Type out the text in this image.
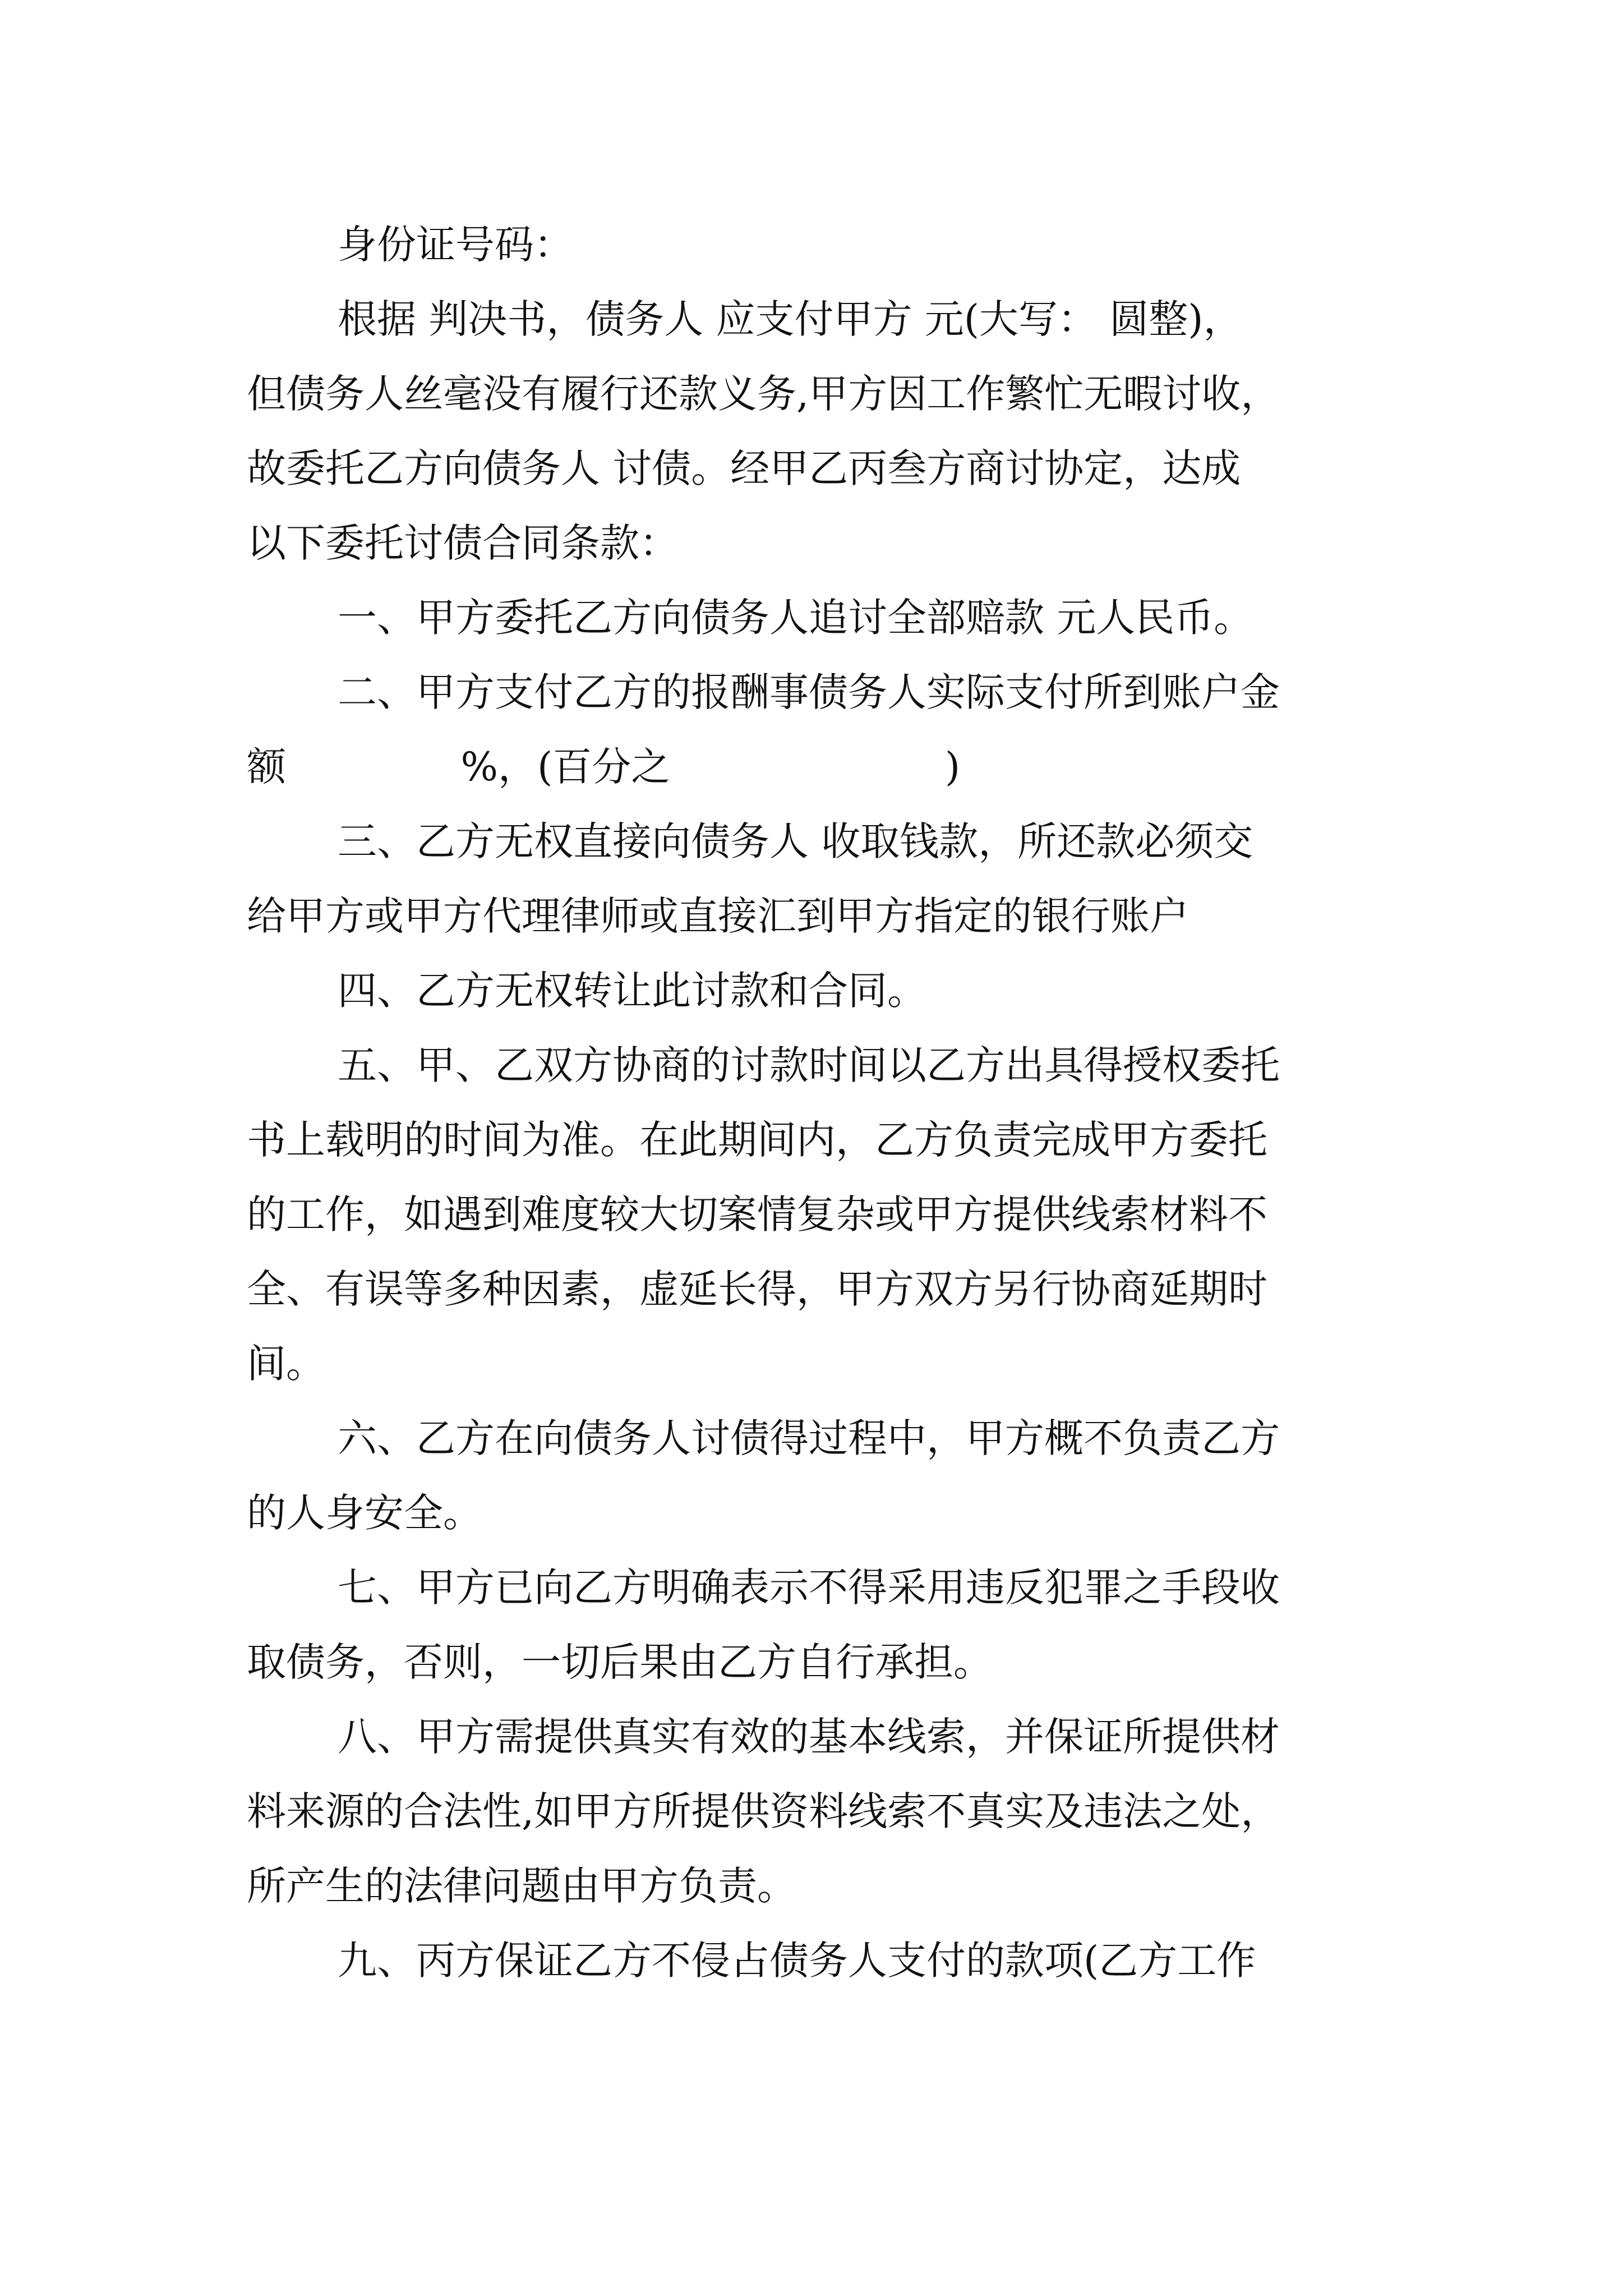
身份证号码：
根据 判决书，债务人 应支付甲方 元(大写： 圆整)，
但债务人丝毫没有履行还款义务,甲方因工作繁忙无暇讨收，
故委托乙方向债务人 讨债。经甲乙丙叁方商讨协定，达成
以下委托讨债合同条款：
一、甲方委托乙方向债务人追讨全部赔款 元人民币。
二、甲方支付乙方的报酬事债务人实际支付所到账户金
额              %，(百分之                      )
三、乙方无权直接向债务人 收取钱款，所还款必须交
给甲方或甲方代理律师或直接汇到甲方指定的银行账户
四、乙方无权转让此讨款和合同。
五、甲、乙双方协商的讨款时间以乙方出具得授权委托
书上载明的时间为准。在此期间内，乙方负责完成甲方委托
的工作，如遇到难度较大切案情复杂或甲方提供线索材料不
全、有误等多种因素，虚延长得，甲方双方另行协商延期时
间。
六、乙方在向债务人讨债得过程中，甲方概不负责乙方
的人身安全。
七、甲方已向乙方明确表示不得采用违反犯罪之手段收
取债务，否则，一切后果由乙方自行承担。
八、甲方需提供真实有效的基本线索，并保证所提供材
料来源的合法性,如甲方所提供资料线索不真实及违法之处，
所产生的法律问题由甲方负责。
九、丙方保证乙方不侵占债务人支付的款项(乙方工作
